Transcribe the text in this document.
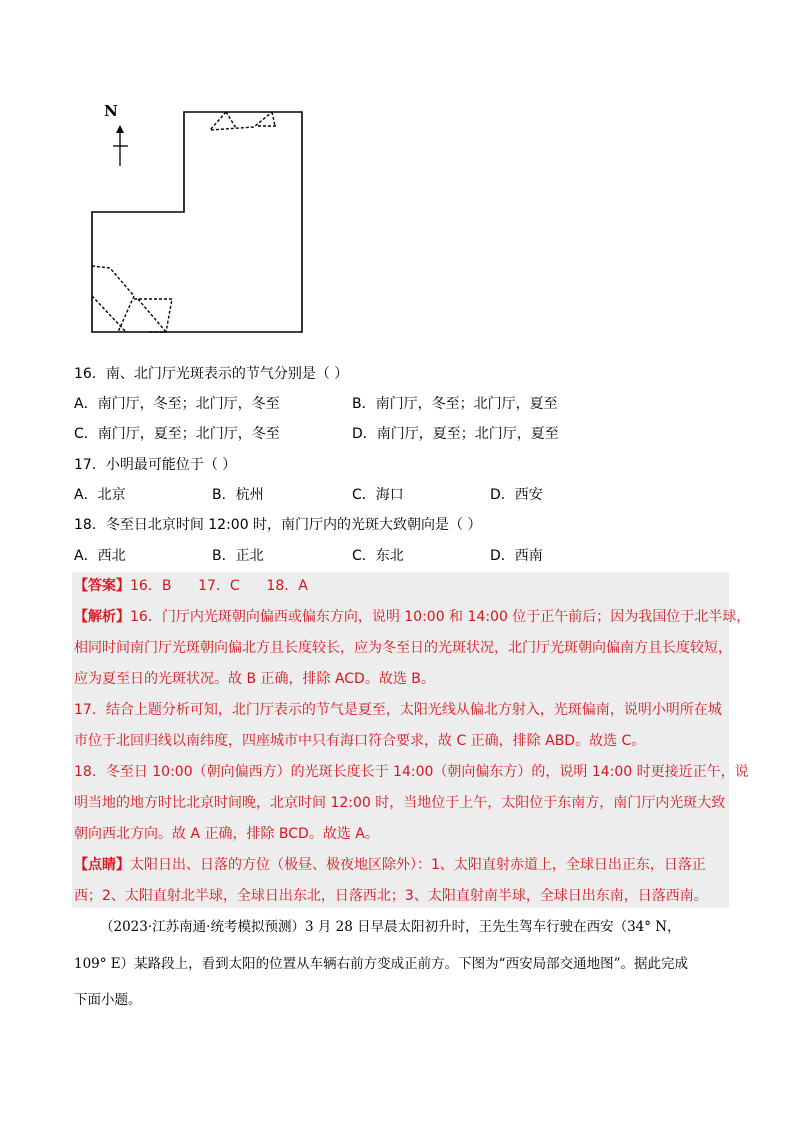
N
16．南、北门厅光斑表示的节气分别是（ ）
A．南门厅，冬至；北门厅，冬至	B．南门厅，冬至；北门厅，夏至
C．南门厅，夏至；北门厅，冬至	D．南门厅，夏至；北门厅，夏至
17．小明最可能位于（ ）
A．北京	B．杭州	C．海口	D．西安
18．冬至日北京时间 12:00 时，南门厅内的光斑大致朝向是（ ）
A．西北	B．正北	C．东北	D．西南
【答案】16．B      17．C      18．A
【解析】16．门厅内光斑朝向偏西或偏东方向，说明 10:00 和 14:00 位于正午前后；因为我国位于北半球，
相同时间南门厅光斑朝向偏北方且长度较长，应为冬至日的光斑状况，北门厅光斑朝向偏南方且长度较短，
应为夏至日的光斑状况。故 B 正确，排除 ACD。故选 B。
17．结合上题分析可知，北门厅表示的节气是夏至，太阳光线从偏北方射入，光斑偏南，说明小明所在城
市位于北回归线以南纬度，四座城市中只有海口符合要求，故 C 正确，排除 ABD。故选 C。
18．冬至日 10:00（朝向偏西方）的光斑长度长于 14:00（朝向偏东方）的，说明 14:00 时更接近正午，说
明当地的地方时比北京时间晚，北京时间 12:00 时，当地位于上午，太阳位于东南方，南门厅内光斑大致
朝向西北方向。故 A 正确，排除 BCD。故选 A。
【点睛】太阳日出、日落的方位（极昼、极夜地区除外）：1、太阳直射赤道上，全球日出正东，日落正
西；2、太阳直射北半球，全球日出东北，日落西北；3、太阳直射南半球，全球日出东南，日落西南。
（2023·江苏南通·统考模拟预测）3 月 28 日早晨太阳初升时，王先生驾车行驶在西安（34° N，
109° E）某路段上，看到太阳的位置从车辆右前方变成正前方。下图为“西安局部交通地图”。据此完成
下面小题。
